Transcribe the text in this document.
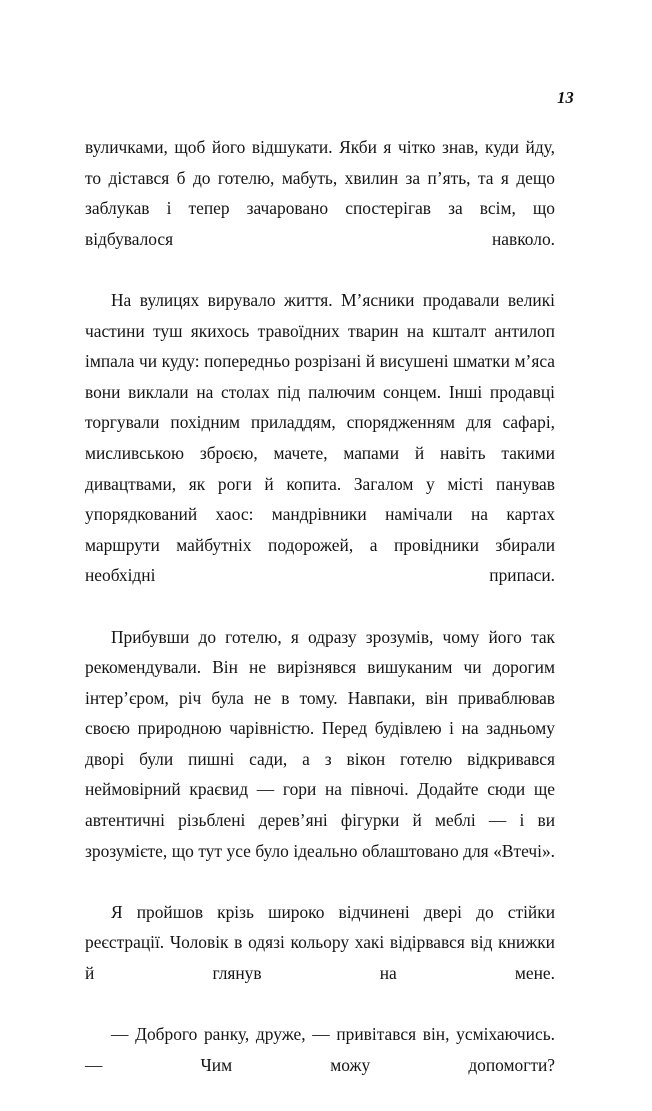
13

вуличками, щоб його відшукати. Якби я чітко знав, куди йду, то дістався б до готелю, мабуть, хвилин за п’ять, та я дещо заблукав і тепер зачаровано спостерігав за всім, що відбувалося навколо.

На вулицях вирувало життя. М’ясники продавали великі частини туш якихось травоїдних тварин на кшталт антилоп імпала чи куду: попередньо розрізані й висушені шматки м’яса вони виклали на столах під палючим сонцем. Інші продавці торгували похідним приладдям, спорядженням для сафарі, мисливською зброєю, мачете, мапами й навіть такими дивацтвами, як роги й копита. Загалом у місті панував упорядкований хаос: мандрівники намічали на картах маршрути майбутніх подорожей, а провідники збирали необхідні припаси.

Прибувши до готелю, я одразу зрозумів, чому його так рекомендували. Він не вирізнявся вишуканим чи дорогим інтер’єром, річ була не в тому. Навпаки, він приваблював своєю природною чарівністю. Перед будівлею і на задньому дворі були пишні сади, а з вікон готелю відкривався неймовірний краєвид — гори на півночі. Додайте сюди ще автентичні різьблені дерев’яні фігурки й меблі — і ви зрозумієте, що тут усе було ідеально облаштовано для «Втечі».

Я пройшов крізь широко відчинені двері до стійки реєстрації. Чоловік в одязі кольору хакі відірвався від книжки й глянув на мене.

— Доброго ранку, друже, — привітався він, усміхаючись. — Чим можу допомогти?
